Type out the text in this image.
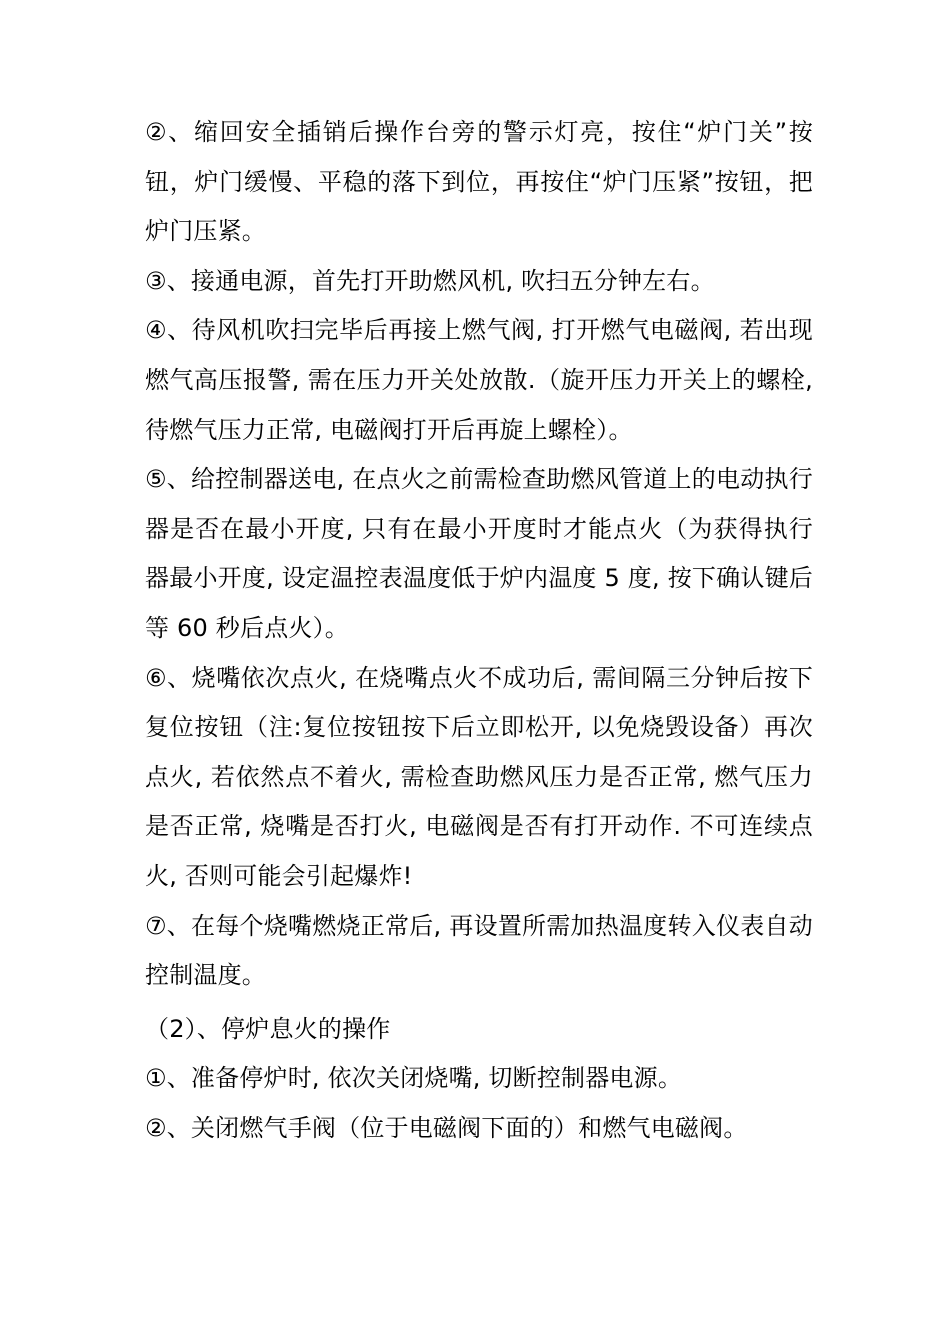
②、缩回安全插销后操作台旁的警示灯亮，按住“炉门关”按钮，炉门缓慢、平稳的落下到位，再按住“炉门压紧”按钮，把炉门压紧。

③、接通电源，首先打开助燃风机, 吹扫五分钟左右。

④、待风机吹扫完毕后再接上燃气阀, 打开燃气电磁阀, 若出现燃气高压报警, 需在压力开关处放散.（旋开压力开关上的螺栓, 待燃气压力正常, 电磁阀打开后再旋上螺栓）。

⑤、给控制器送电, 在点火之前需检查助燃风管道上的电动执行器是否在最小开度, 只有在最小开度时才能点火（为获得执行器最小开度, 设定温控表温度低于炉内温度 5 度, 按下确认键后等 60 秒后点火）。

⑥、烧嘴依次点火, 在烧嘴点火不成功后, 需间隔三分钟后按下复位按钮（注:复位按钮按下后立即松开, 以免烧毁设备）再次点火, 若依然点不着火, 需检查助燃风压力是否正常, 燃气压力是否正常, 烧嘴是否打火, 电磁阀是否有打开动作. 不可连续点火, 否则可能会引起爆炸!

⑦、在每个烧嘴燃烧正常后, 再设置所需加热温度转入仪表自动控制温度。

（2）、停炉息火的操作

①、准备停炉时, 依次关闭烧嘴, 切断控制器电源。

②、关闭燃气手阀（位于电磁阀下面的）和燃气电磁阀。
